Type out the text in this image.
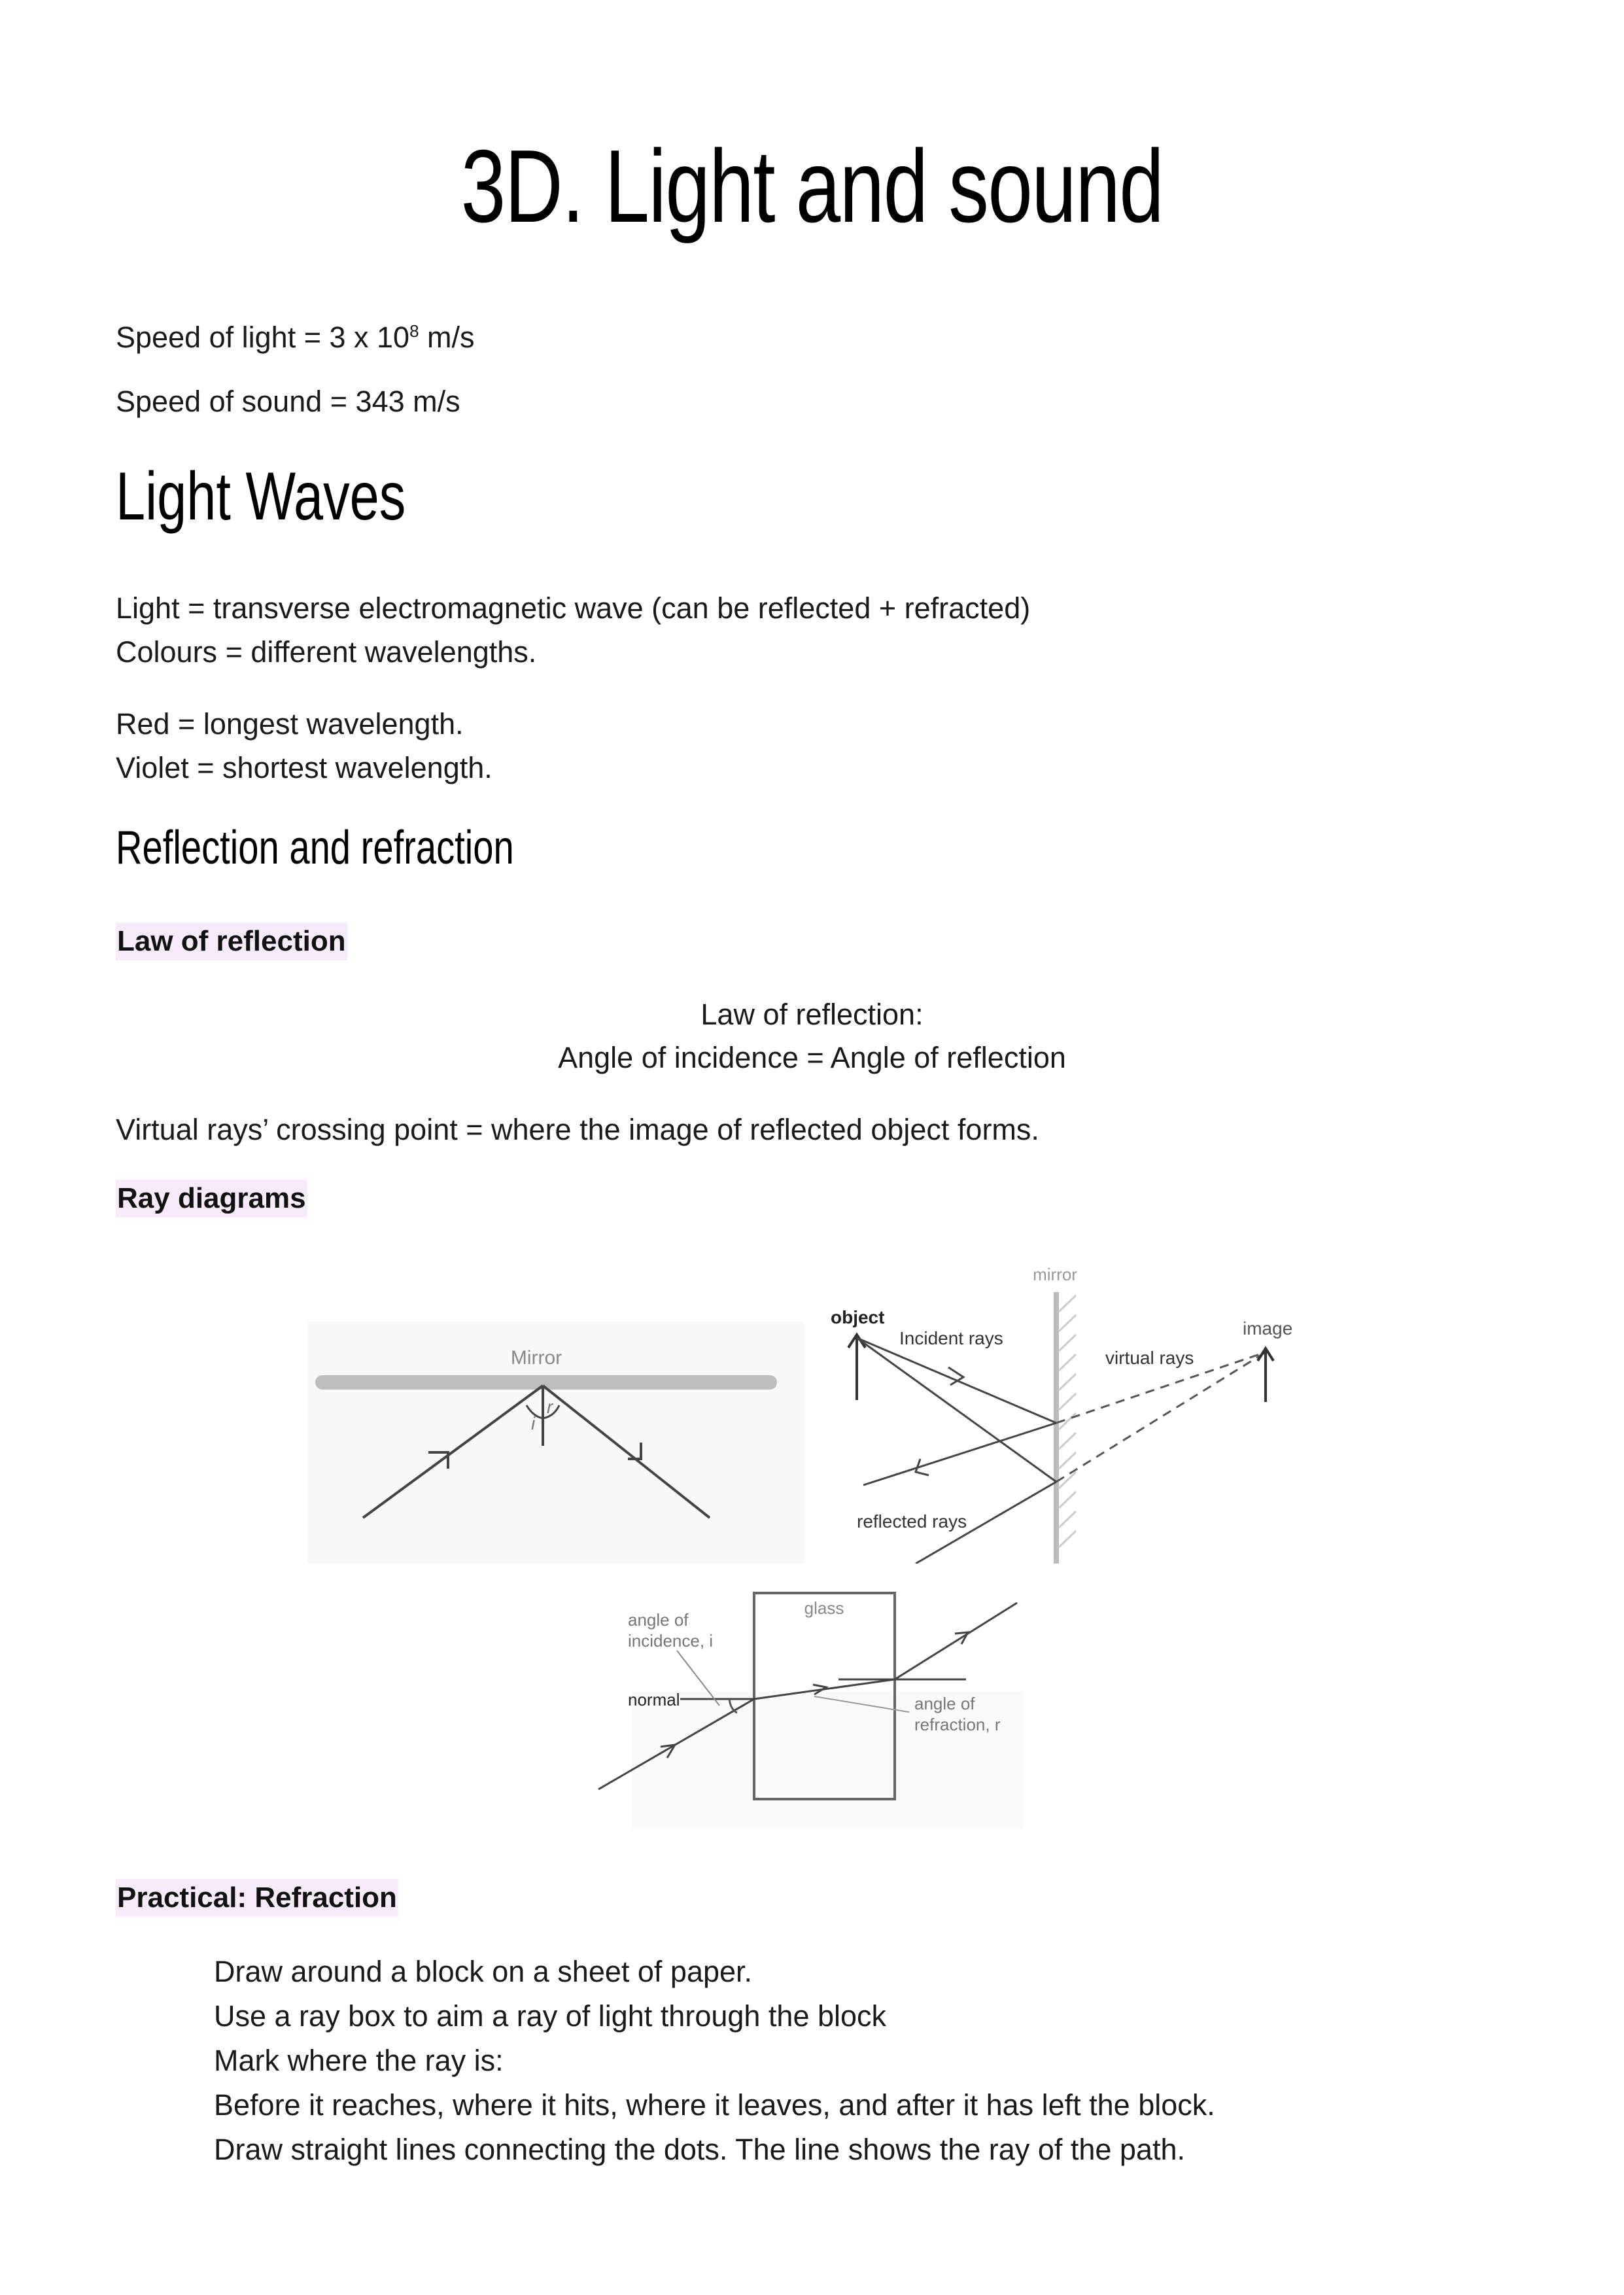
3D. Light and sound
Speed of light = 3 x $10^8$ m/s
Speed of sound = 343 m/s
Light Waves
Light = transverse electromagnetic wave (can be reflected + refracted)
Colours = different wavelengths.
Red = longest wavelength.
Violet = shortest wavelength.
Reflection and refraction
Law of reflection
Law of reflection:
Angle of incidence = Angle of reflection
Virtual rays’ crossing point = where the image of reflected object forms.
Ray diagrams
Mirror
i
r
mirror
object
Incident rays
virtual rays
image
reflected rays
glass
angle of
incidence, i
normal	angle of
refraction, r
Practical: Refraction
Draw around a block on a sheet of paper.
Use a ray box to aim a ray of light through the block
Mark where the ray is:
Before it reaches, where it hits, where it leaves, and after it has left the block.
Draw straight lines connecting the dots. The line shows the ray of the path.
